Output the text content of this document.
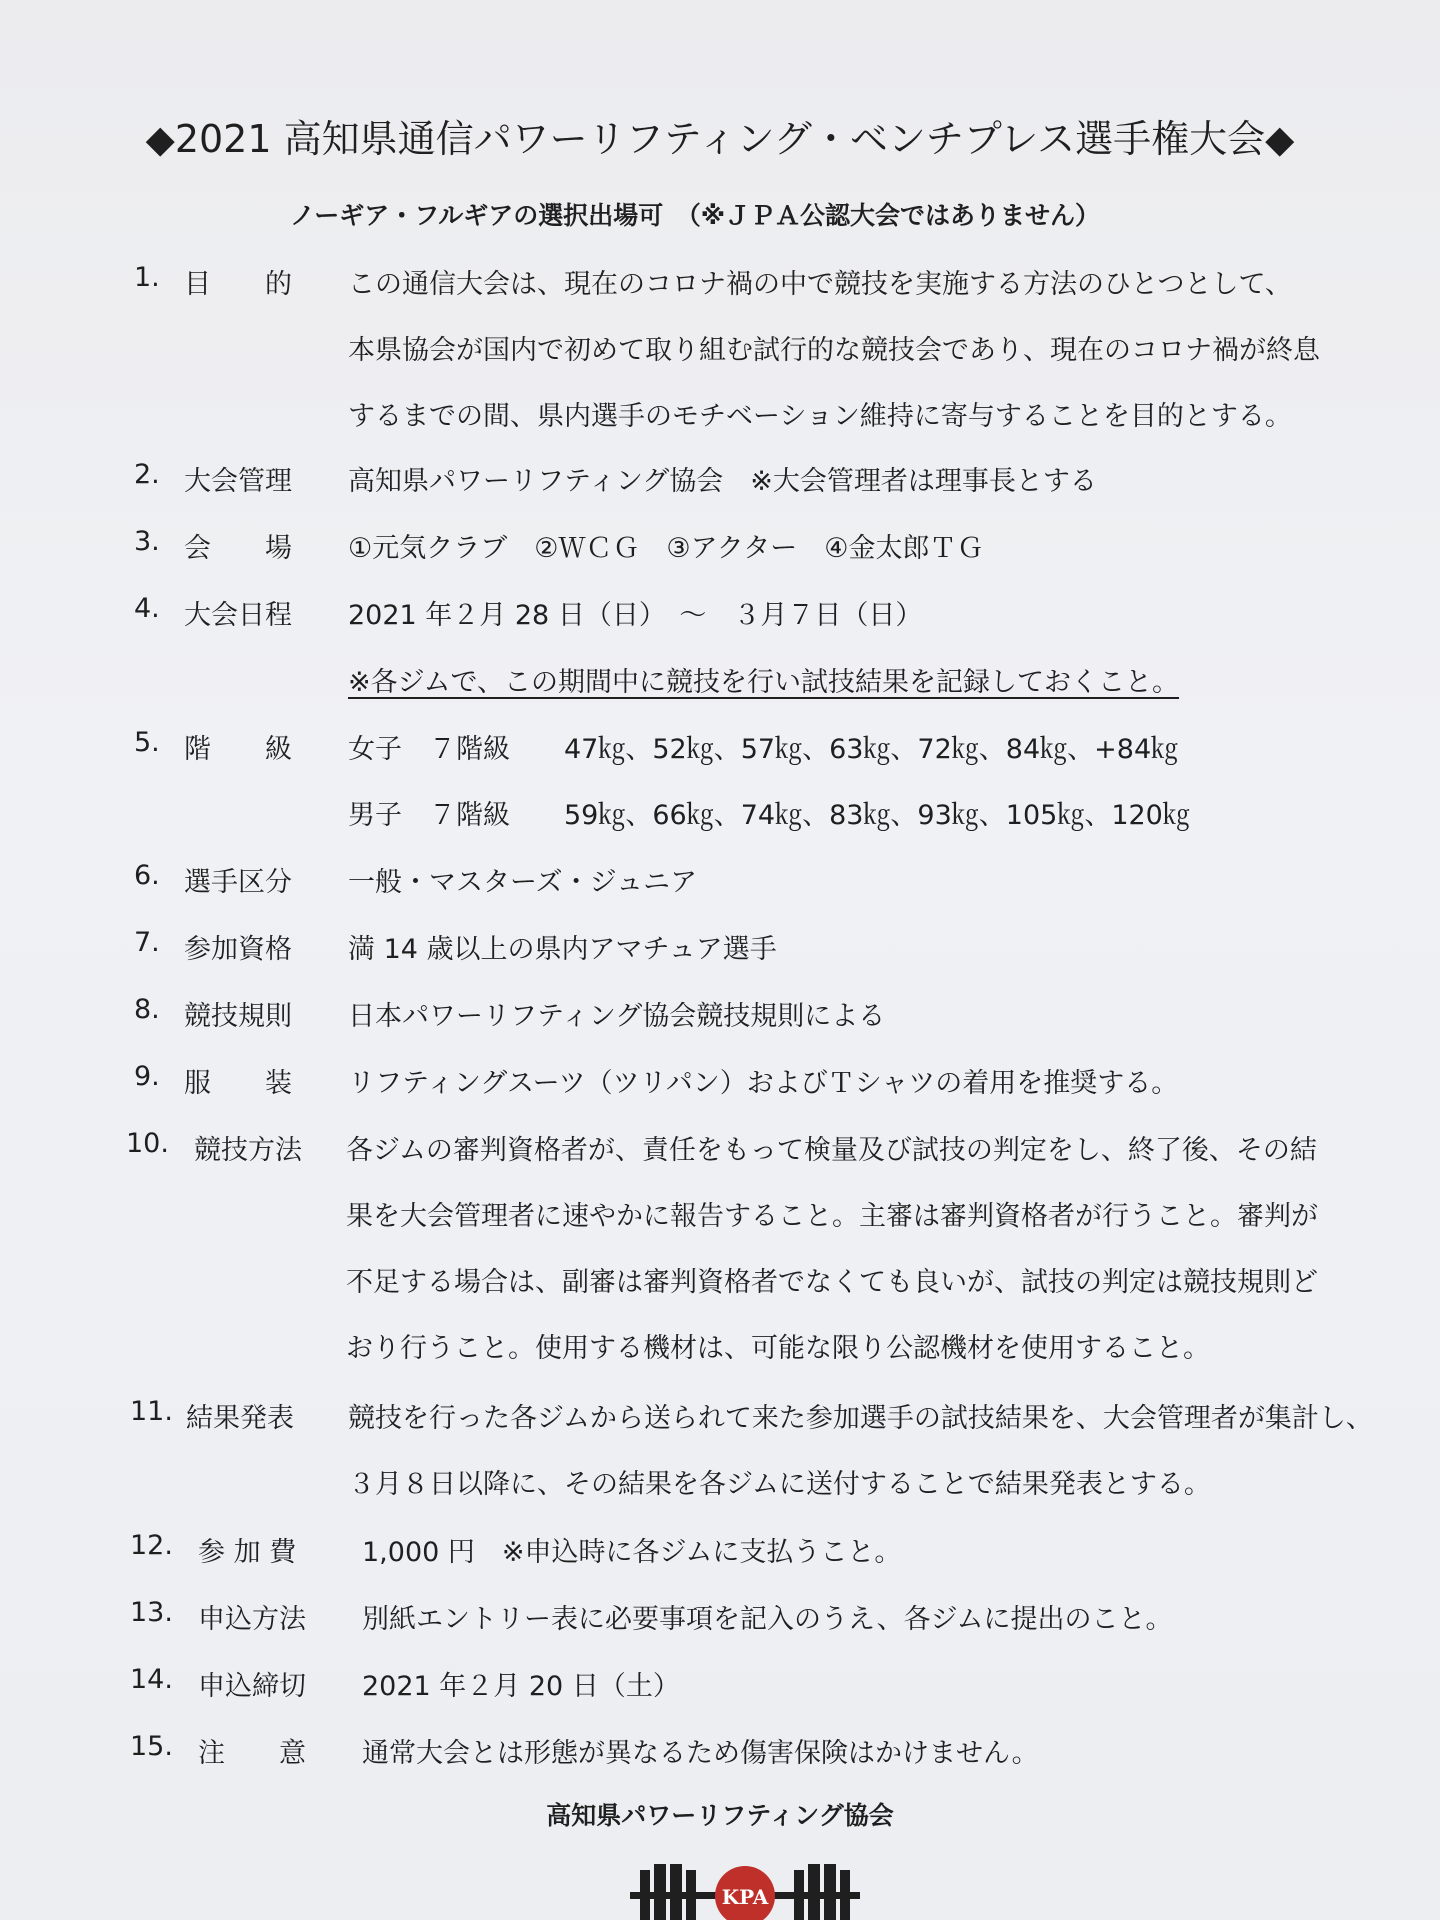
◆2021 高知県通信パワーリフティング・ベンチプレス選手権大会◆
ノーギア・フルギアの選択出場可　（※ＪＰＡ公認大会ではありません）
1. 目　　的 この通信大会は、現在のコロナ禍の中で競技を実施する方法のひとつとして、
本県協会が国内で初めて取り組む試行的な競技会であり、現在のコロナ禍が終息
するまでの間、県内選手のモチベーション維持に寄与することを目的とする。
2. 大会管理 高知県パワーリフティング協会　※大会管理者は理事長とする
3. 会　　場 ①元気クラブ　②ＷＣＧ　③アクター　④金太郎ＴＧ
4. 大会日程 2021 年２月 28 日（日）　～　３月７日（日）
※各ジムで、この期間中に競技を行い試技結果を記録しておくこと。
5. 階　　級 女子　７階級　　47㎏、52㎏、57㎏、63㎏、72㎏、84㎏、+84㎏
男子　７階級　　59㎏、66㎏、74㎏、83㎏、93㎏、105㎏、120㎏
6. 選手区分 一般・マスターズ・ジュニア
7. 参加資格 満 14 歳以上の県内アマチュア選手
8. 競技規則 日本パワーリフティング協会競技規則による
9. 服　　装 リフティングスーツ（ツリパン）およびＴシャツの着用を推奨する。
10. 競技方法 各ジムの審判資格者が、責任をもって検量及び試技の判定をし、終了後、その結
果を大会管理者に速やかに報告すること。主審は審判資格者が行うこと。審判が
不足する場合は、副審は審判資格者でなくても良いが、試技の判定は競技規則ど
おり行うこと。使用する機材は、可能な限り公認機材を使用すること。
11. 結果発表 競技を行った各ジムから送られて来た参加選手の試技結果を、大会管理者が集計し、
３月８日以降に、その結果を各ジムに送付することで結果発表とする。
12. 参 加 費 1,000 円　※申込時に各ジムに支払うこと。
13. 申込方法 別紙エントリー表に必要事項を記入のうえ、各ジムに提出のこと。
14. 申込締切 2021 年２月 20 日（土）
15. 注　　意 通常大会とは形態が異なるため傷害保険はかけません。
高知県パワーリフティング協会
KPA
